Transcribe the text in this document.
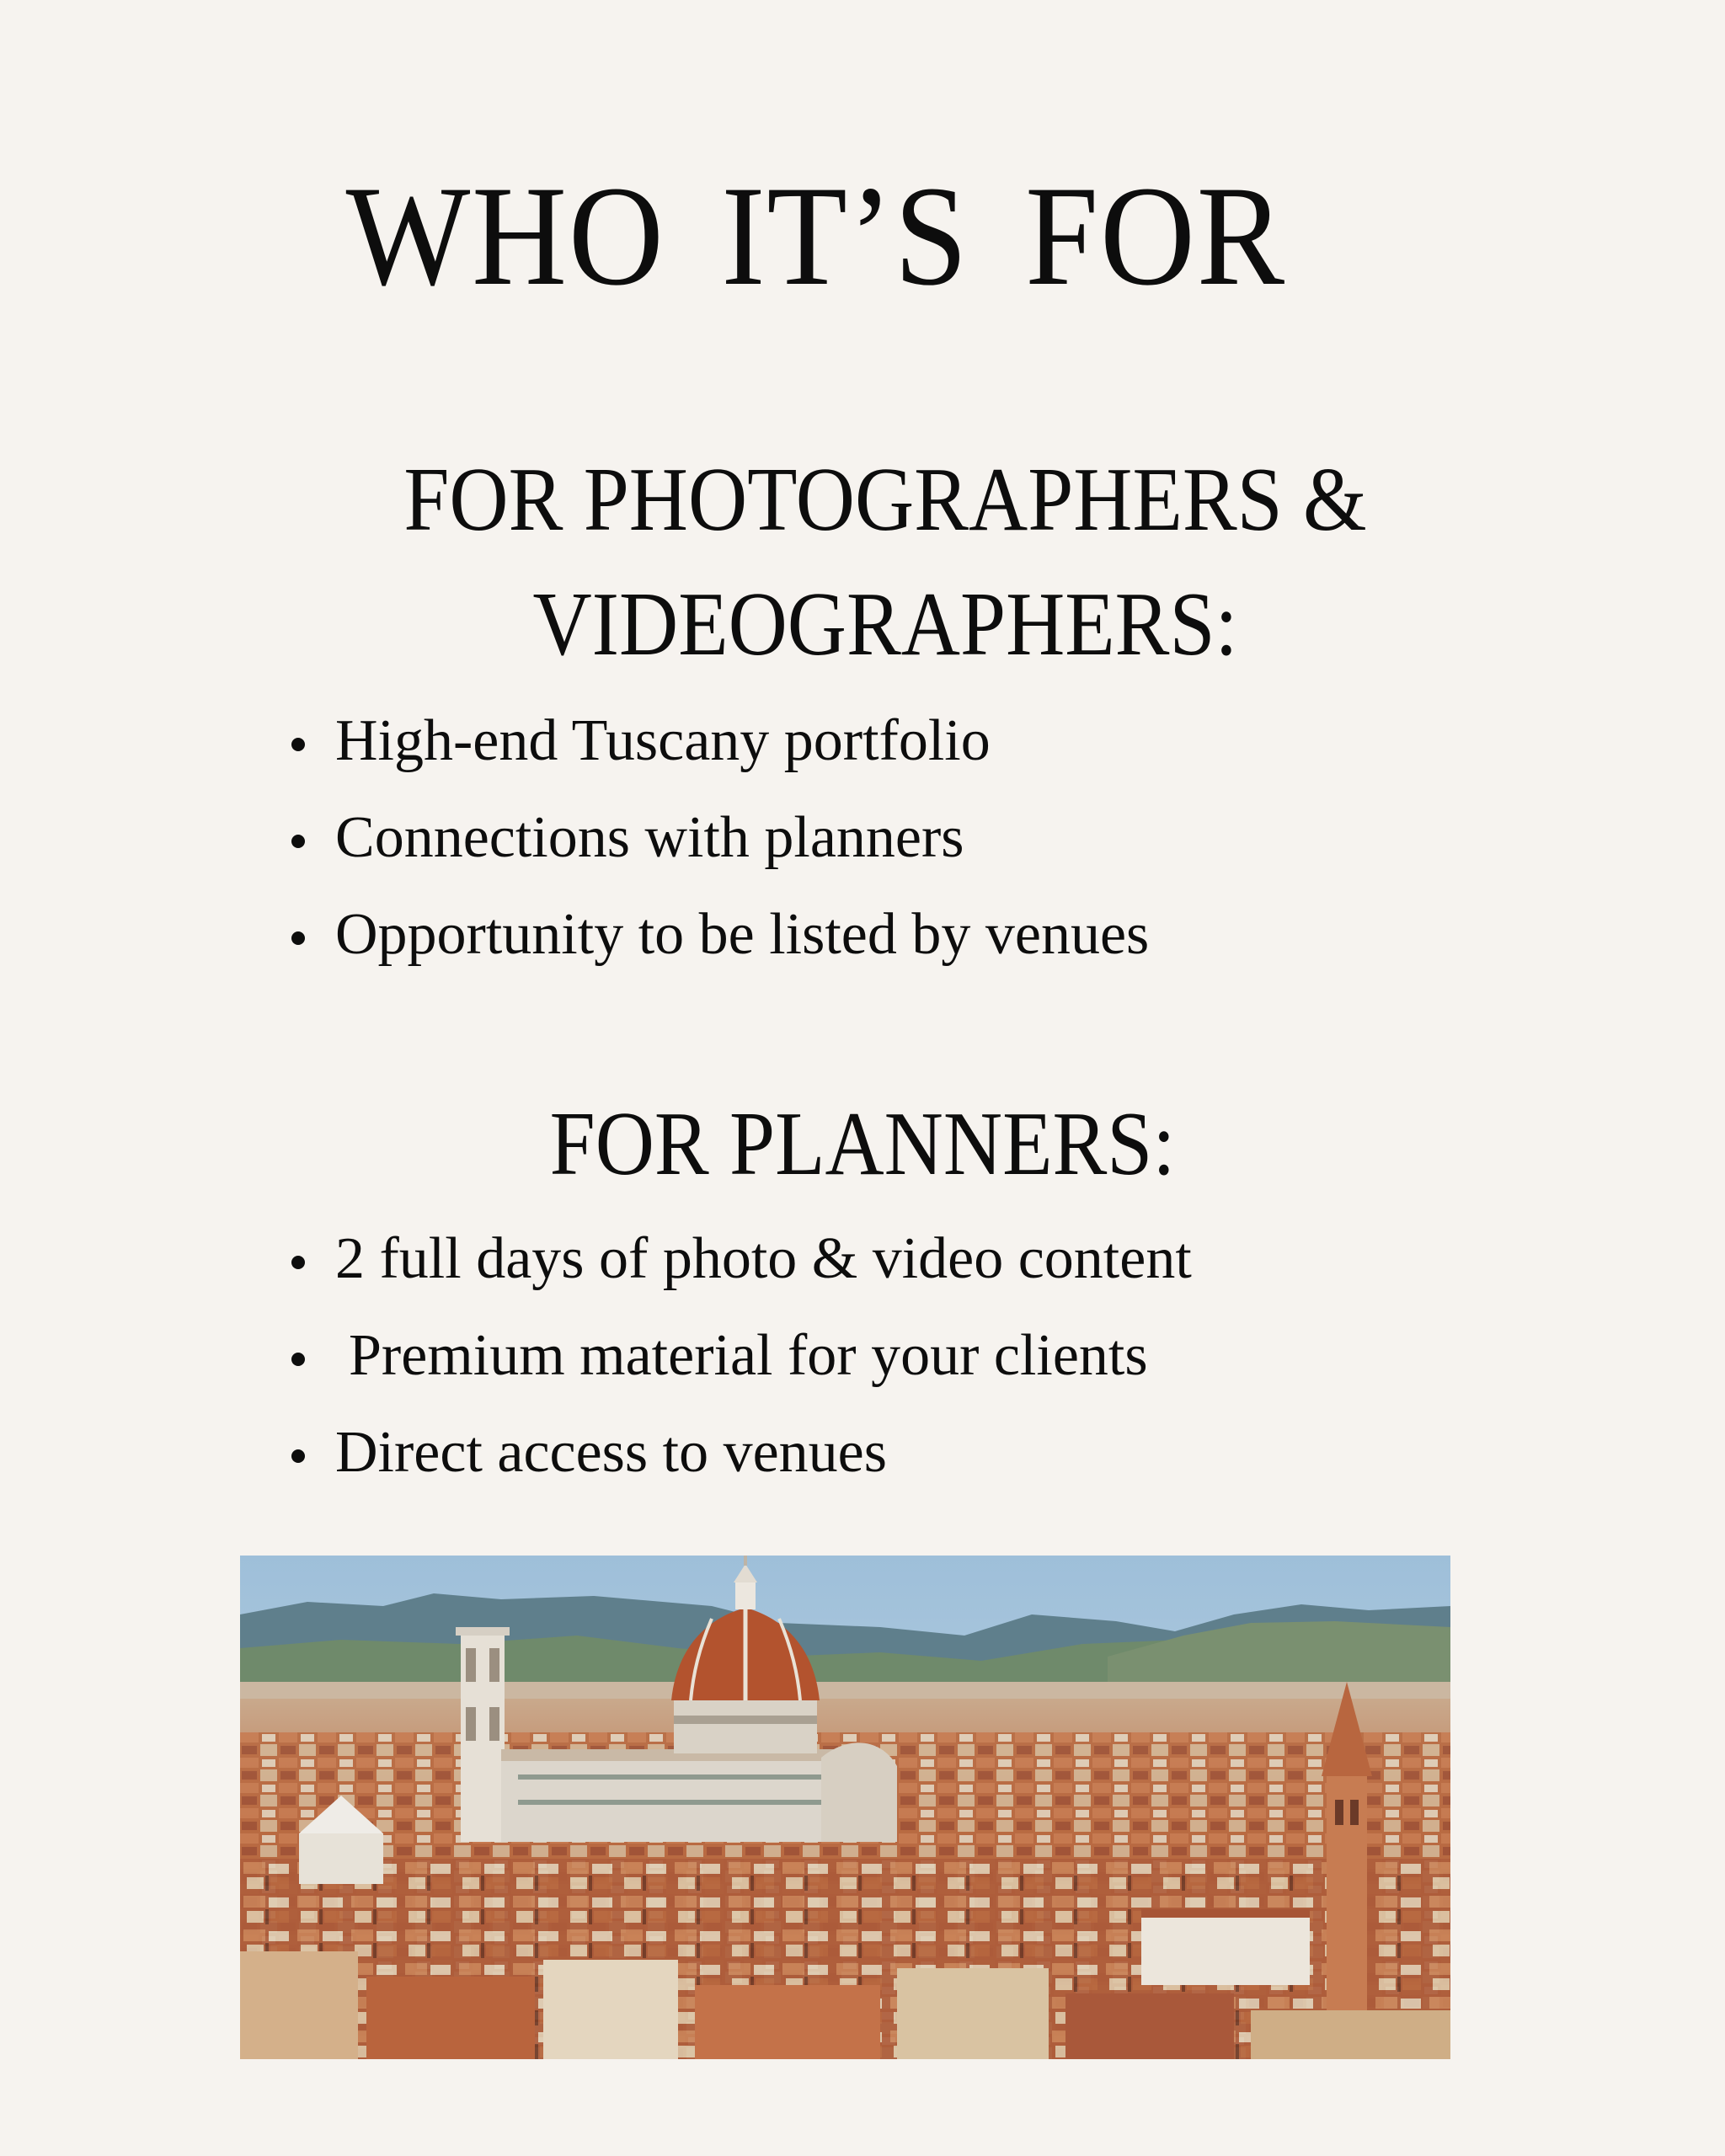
WHO IT’S FOR
FOR PHOTOGRAPHERS &
VIDEOGRAPHERS:
High-end Tuscany portfolio
Connections with planners
Opportunity to be listed by venues
FOR PLANNERS:
2 full days of photo & video content
Premium material for your clients
Direct access to venues
